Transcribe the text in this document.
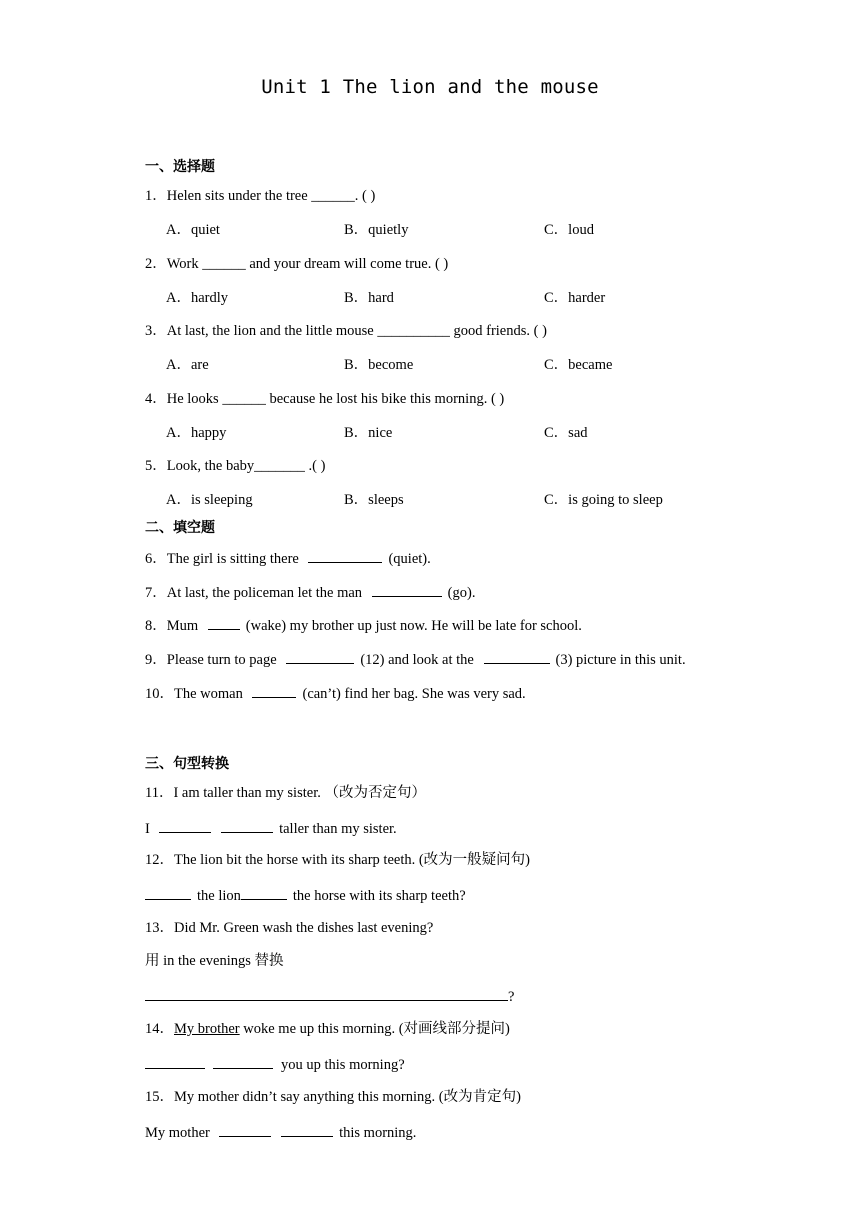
Unit 1 The lion and the mouse
一、选择题
1．Helen sits under the tree ______. ( )
A．quiet	B．quietly	C．loud
2．Work ______ and your dream will come true. ( )
A．hardly	B．hard	C．harder
3．At last, the lion and the little mouse __________ good friends. ( )
A．are	B．become	C．became
4．He looks ______ because he lost his bike this morning. ( )
A．happy	B．nice	C．sad
5．Look, the baby_______ .( )
A．is sleeping	B．sleeps	C．is going to sleep
二、填空题
6．The girl is sitting there	(quiet).
7．At last, the policeman let the man	(go).
8．Mum	(wake) my brother up just now. He will be late for school.
9．Please turn to page	(12) and look at the	(3) picture in this unit.
10．The woman	(can’t) find her bag. She was very sad.
三、句型转换
11．I am taller than my sister. （改为否定句）
I	taller than my sister.
12．The lion bit the horse with its sharp teeth. (改为一般疑问句)
the lion	the horse with its sharp teeth?
13．Did Mr. Green wash the dishes last evening?
用 in the evenings 替换
?
14．My brother woke me up this morning. (对画线部分提问)
you up this morning?
15．My mother didn’t say anything this morning. (改为肯定句)
My mother	this morning.
